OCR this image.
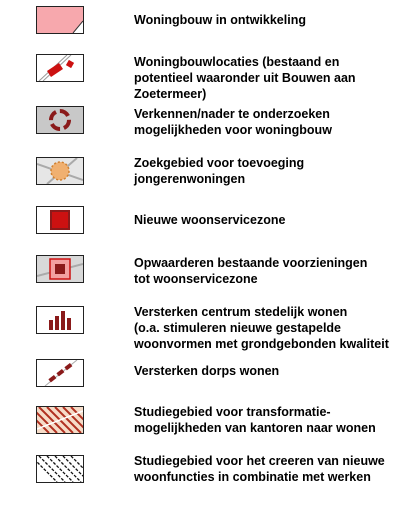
Woningbouw in ontwikkeling
Woningbouwlocaties (bestaand en
potentieel waaronder uit Bouwen aan
Zoetermeer)
Verkennen/nader te onderzoeken
mogelijkheden voor woningbouw
Zoekgebied voor toevoeging
jongerenwoningen
Nieuwe woonservicezone
Opwaarderen bestaande voorzieningen
tot woonservicezone
Versterken centrum stedelijk wonen
(o.a. stimuleren nieuwe gestapelde
woonvormen met grondgebonden kwaliteit
Versterken dorps wonen
Studiegebied voor transformatie-
mogelijkheden van kantoren naar wonen
Studiegebied voor het creeren van nieuwe
woonfuncties in combinatie met werken
